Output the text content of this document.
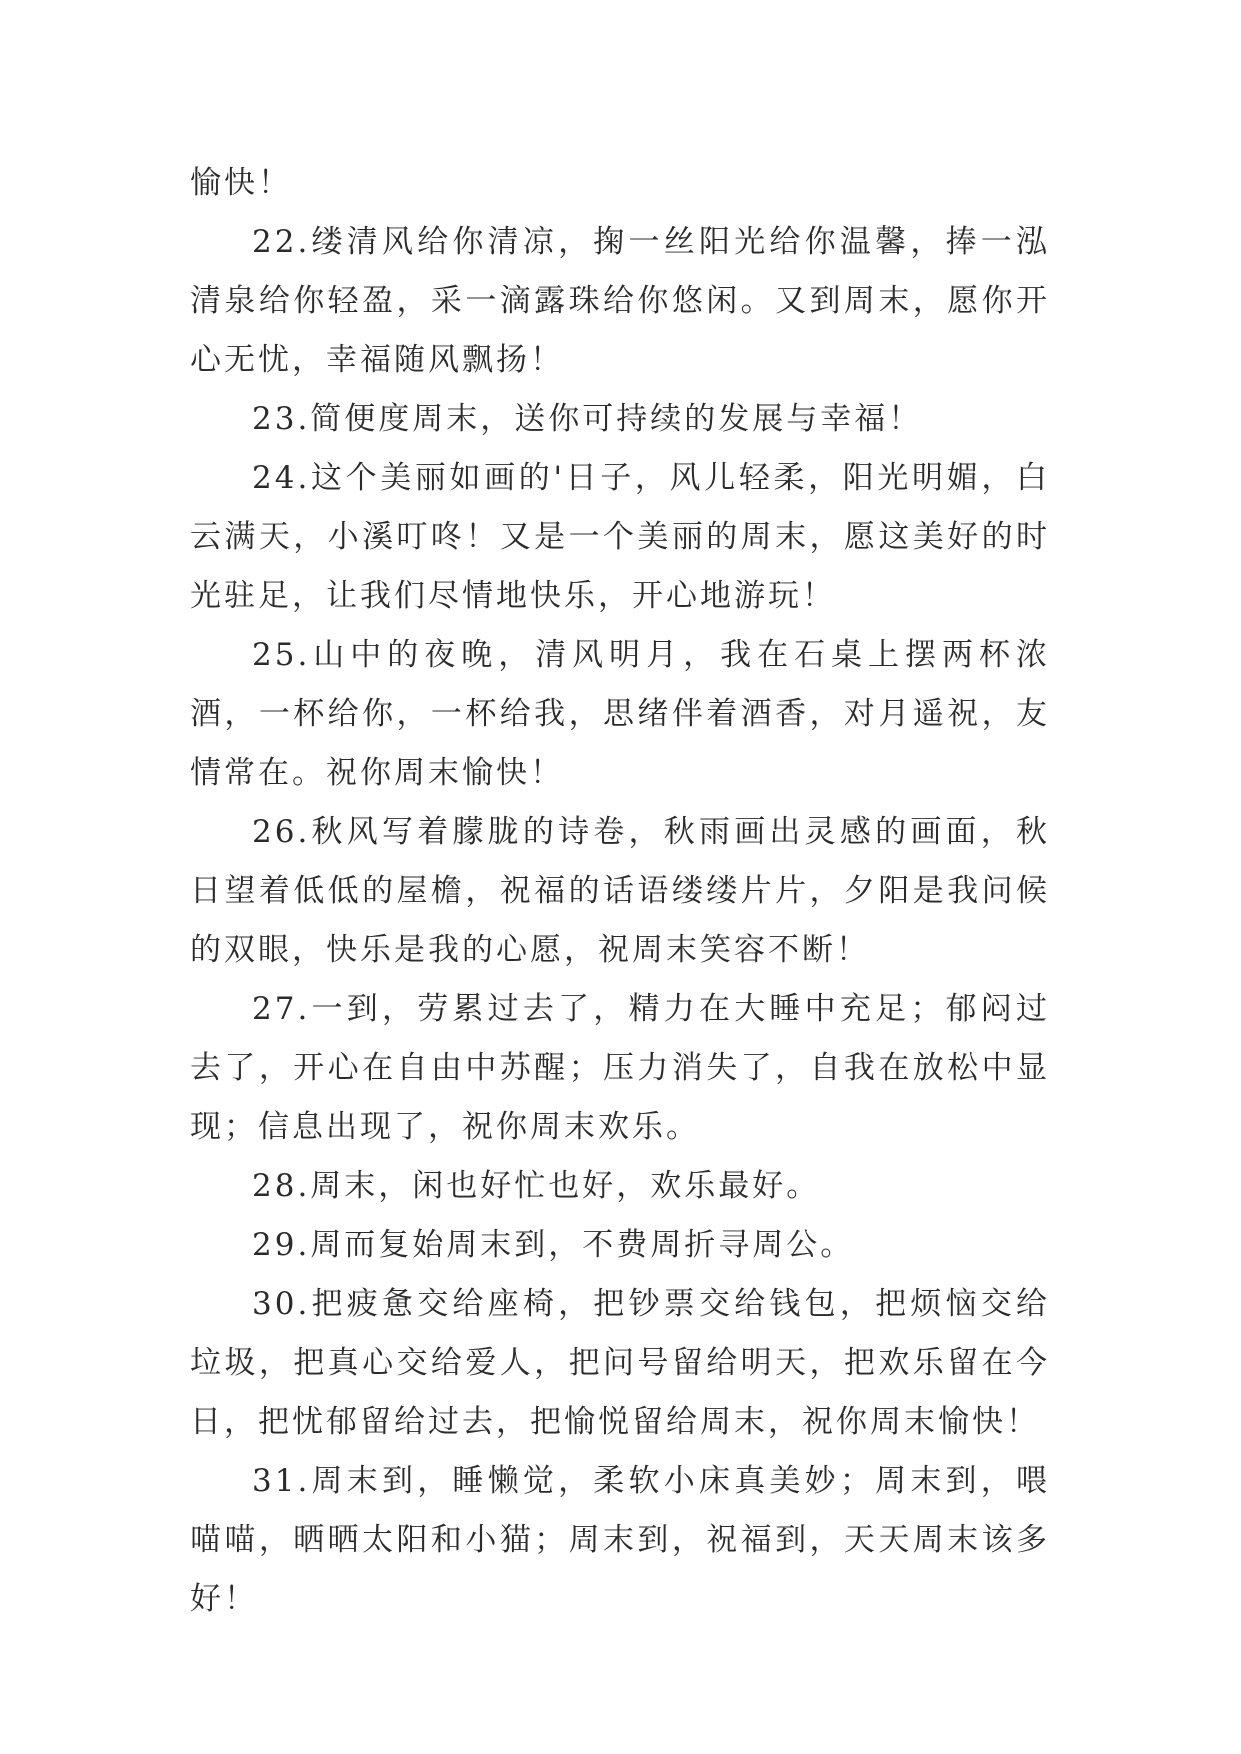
愉快！

22.缕清风给你清凉，掬一丝阳光给你温馨，捧一泓清泉给你轻盈，采一滴露珠给你悠闲。又到周末，愿你开心无忧，幸福随风飘扬！

23.简便度周末，送你可持续的发展与幸福！

24.这个美丽如画的'日子，风儿轻柔，阳光明媚，白云满天，小溪叮咚！又是一个美丽的周末，愿这美好的时光驻足，让我们尽情地快乐，开心地游玩！

25.山中的夜晚，清风明月，我在石桌上摆两杯浓酒，一杯给你，一杯给我，思绪伴着酒香，对月遥祝，友情常在。祝你周末愉快！

26.秋风写着朦胧的诗卷，秋雨画出灵感的画面，秋日望着低低的屋檐，祝福的话语缕缕片片，夕阳是我问候的双眼，快乐是我的心愿，祝周末笑容不断！

27.一到，劳累过去了，精力在大睡中充足；郁闷过去了，开心在自由中苏醒；压力消失了，自我在放松中显现；信息出现了，祝你周末欢乐。

28.周末，闲也好忙也好，欢乐最好。

29.周而复始周末到，不费周折寻周公。

30.把疲惫交给座椅，把钞票交给钱包，把烦恼交给垃圾，把真心交给爱人，把问号留给明天，把欢乐留在今日，把忧郁留给过去，把愉悦留给周末，祝你周末愉快！

31.周末到，睡懒觉，柔软小床真美妙；周末到，喂喵喵，晒晒太阳和小猫；周末到，祝福到，天天周末该多好！
